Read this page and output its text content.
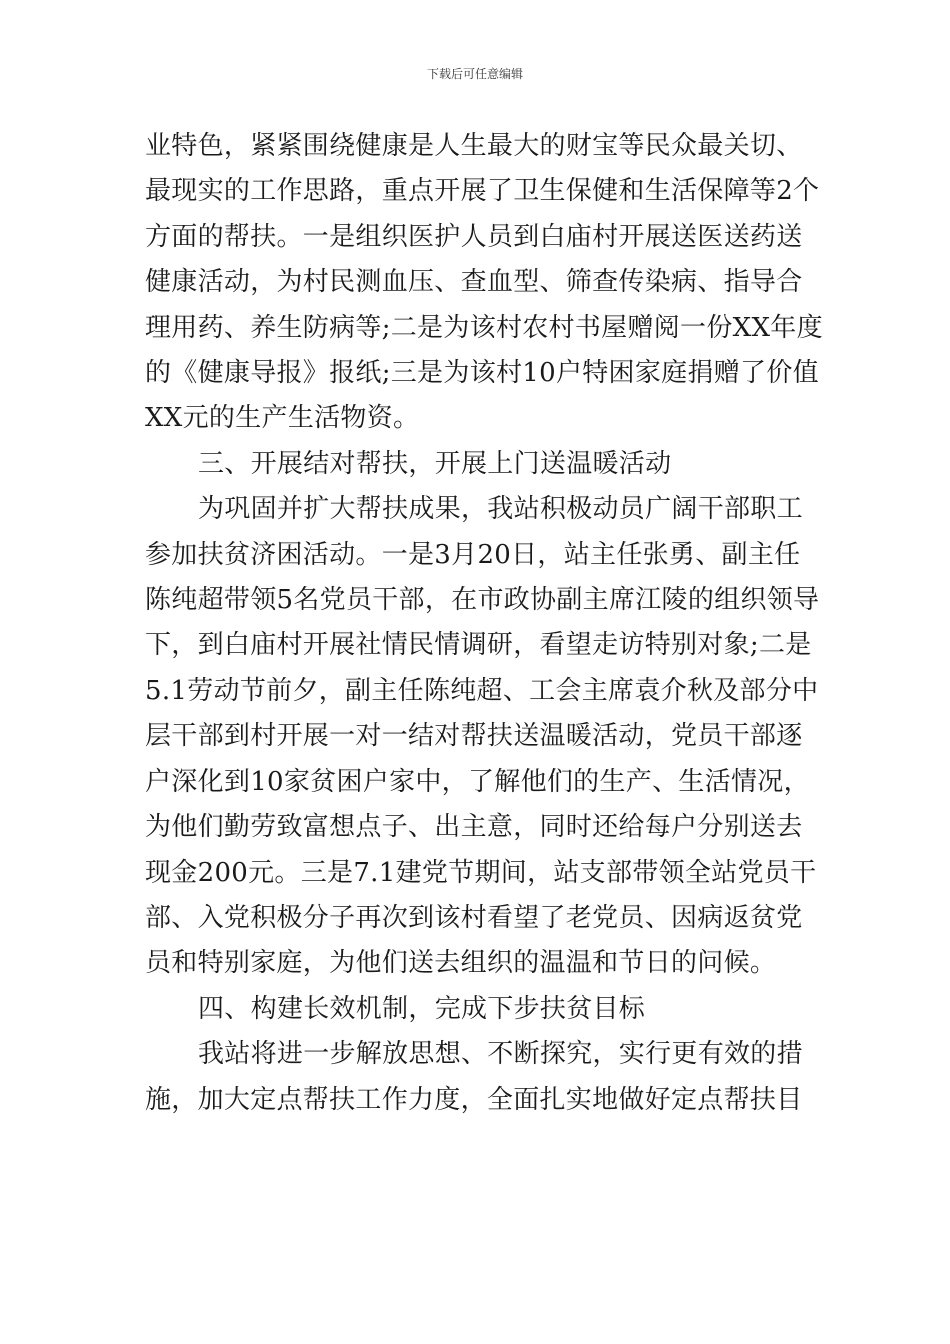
下载后可任意编辑

业特色，紧紧围绕健康是人生最大的财宝等民众最关切、
最现实的工作思路，重点开展了卫生保健和生活保障等2个
方面的帮扶。一是组织医护人员到白庙村开展送医送药送
健康活动，为村民测血压、查血型、筛查传染病、指导合
理用药、养生防病等;二是为该村农村书屋赠阅一份XX年度
的《健康导报》报纸;三是为该村10户特困家庭捐赠了价值
XX元的生产生活物资。

三、开展结对帮扶，开展上门送温暖活动

为巩固并扩大帮扶成果，我站积极动员广阔干部职工
参加扶贫济困活动。一是3月20日，站主任张勇、副主任
陈纯超带领5名党员干部，在市政协副主席江陵的组织领导
下，到白庙村开展社情民情调研，看望走访特别对象;二是
5.1劳动节前夕，副主任陈纯超、工会主席袁介秋及部分中
层干部到村开展一对一结对帮扶送温暖活动，党员干部逐
户深化到10家贫困户家中，了解他们的生产、生活情况，
为他们勤劳致富想点子、出主意，同时还给每户分别送去
现金200元。三是7.1建党节期间，站支部带领全站党员干
部、入党积极分子再次到该村看望了老党员、因病返贫党
员和特别家庭，为他们送去组织的温温和节日的问候。

四、构建长效机制，完成下步扶贫目标

我站将进一步解放思想、不断探究，实行更有效的措
施，加大定点帮扶工作力度，全面扎实地做好定点帮扶目
